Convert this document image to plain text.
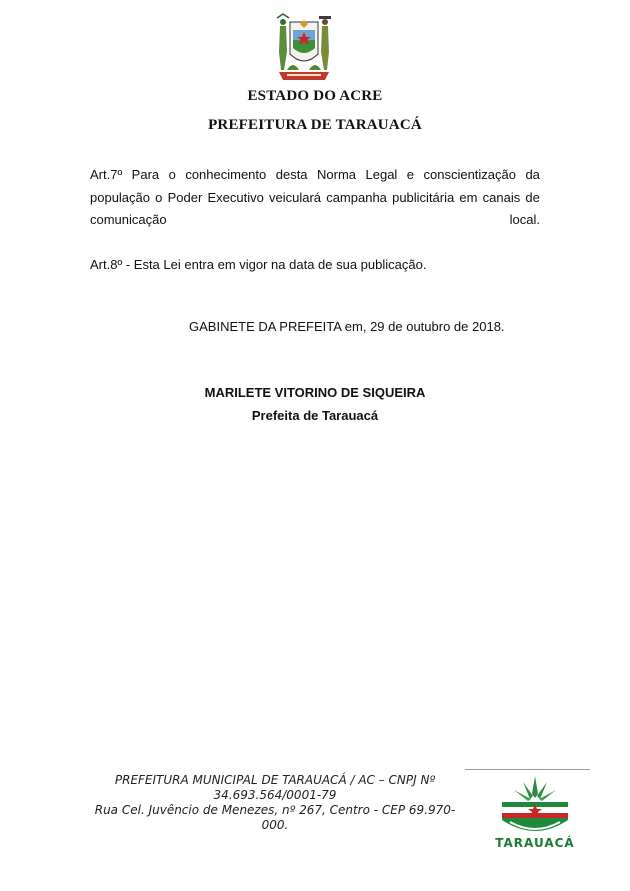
ESTADO DO ACRE
PREFEITURA DE TARAUACÁ
Art.7º Para o conhecimento desta Norma Legal e conscientização da
população o Poder Executivo veiculará campanha publicitária em canais de
comunicação	local.
Art.8º - Esta Lei entra em vigor na data de sua publicação.
GABINETE DA PREFEITA em, 29 de outubro de 2018.
MARILETE VITORINO DE SIQUEIRA
Prefeita de Tarauacá
PREFEITURA MUNICIPAL DE TARAUACÁ / AC – CNPJ Nº
34.693.564/0001-79
Rua Cel. Juvêncio de Menezes, nº 267, Centro - CEP 69.970-
000.
TARAUACÁ
